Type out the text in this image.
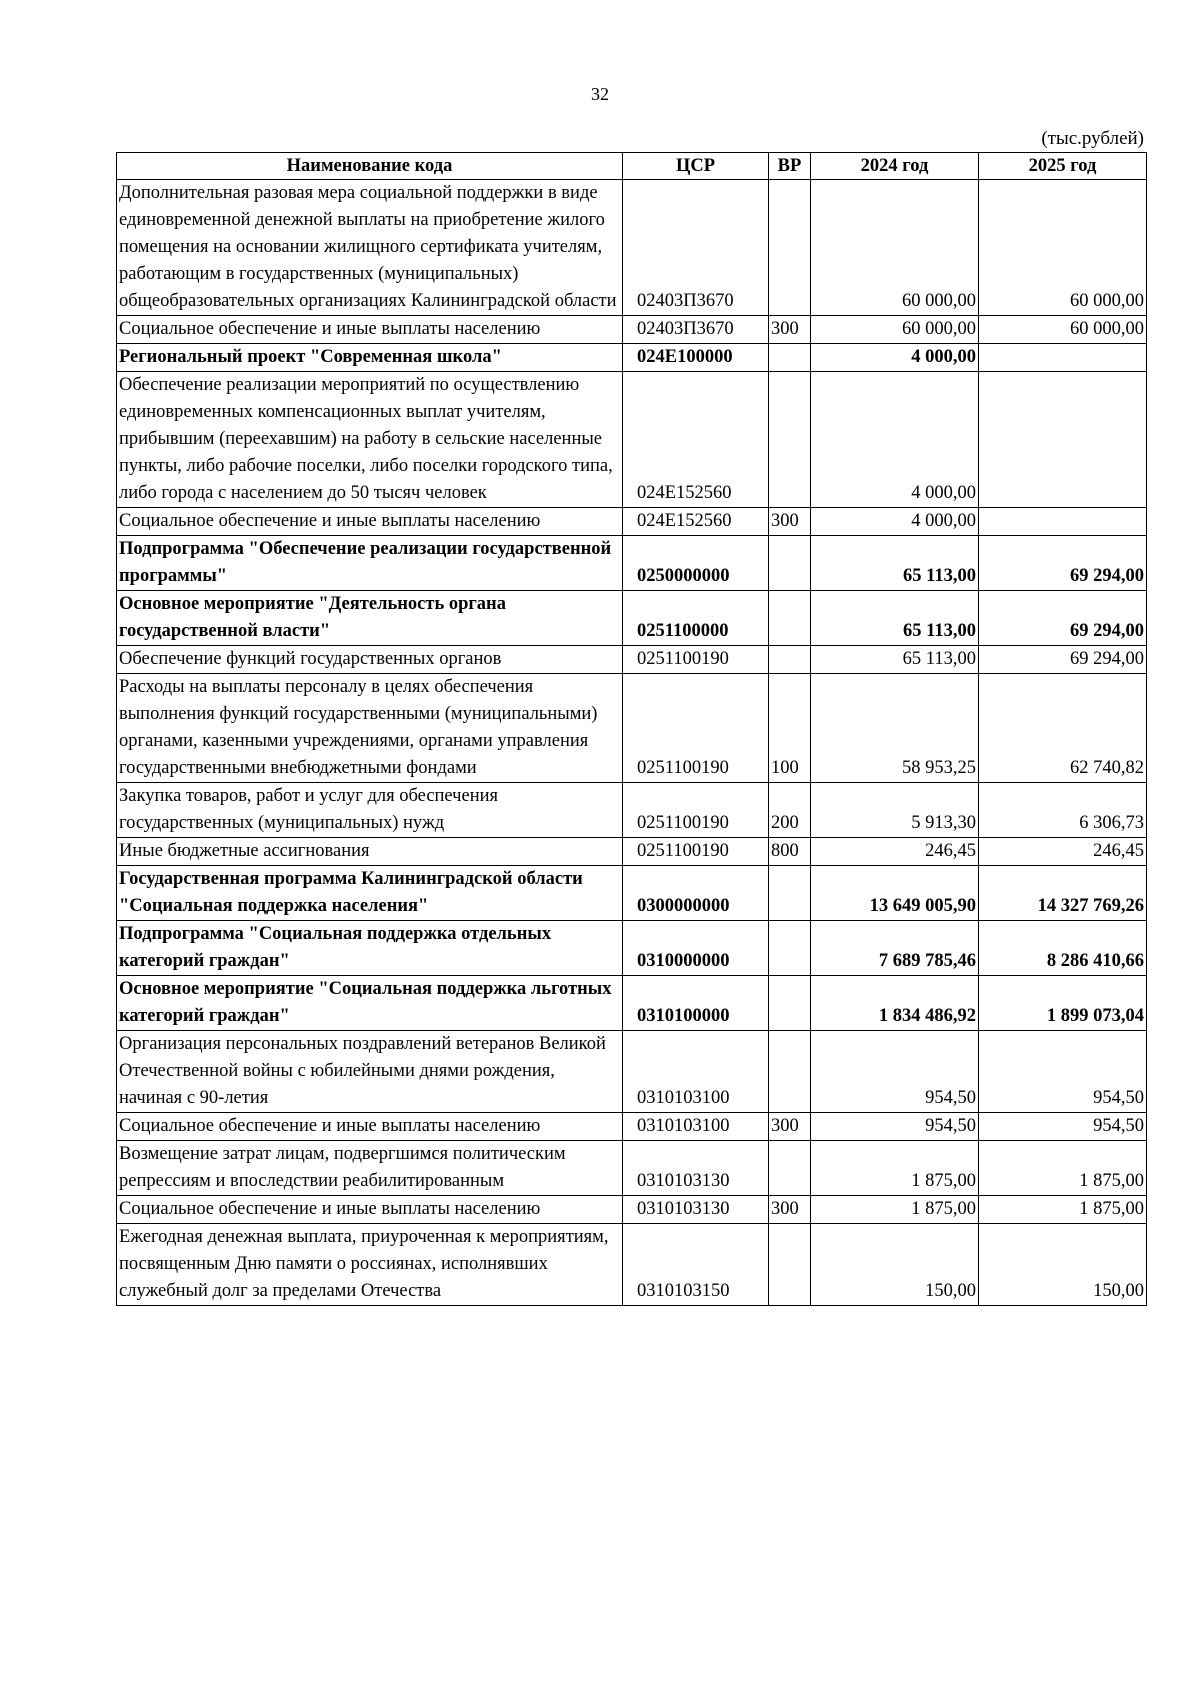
32
(тыс.рублей)
Наименование кода	ЦСР	ВР	2024 год	2025 год
Дополнительная разовая мера социальной поддержки в виде единовременной денежной выплаты на приобретение жилого помещения на основании жилищного сертификата учителям, работающим в государственных (муниципальных) общеобразовательных организациях Калининградской области	02403П3670		60 000,00	60 000,00
Социальное обеспечение и иные выплаты населению	02403П3670	300	60 000,00	60 000,00
Региональный проект "Современная школа"	024Е100000		4 000,00	
Обеспечение реализации мероприятий по осуществлению единовременных компенсационных выплат учителям, прибывшим (переехавшим) на работу в сельские населенные пункты, либо рабочие поселки, либо поселки городского типа, либо города с населением до 50 тысяч человек	024Е152560		4 000,00	
Социальное обеспечение и иные выплаты населению	024Е152560	300	4 000,00	
Подпрограмма "Обеспечение реализации государственной программы"	0250000000		65 113,00	69 294,00
Основное мероприятие "Деятельность органа государственной власти"	0251100000		65 113,00	69 294,00
Обеспечение функций государственных органов	0251100190		65 113,00	69 294,00
Расходы на выплаты персоналу в целях обеспечения выполнения функций государственными (муниципальными) органами, казенными учреждениями, органами управления государственными внебюджетными фондами	0251100190	100	58 953,25	62 740,82
Закупка товаров, работ и услуг для обеспечения государственных (муниципальных) нужд	0251100190	200	5 913,30	6 306,73
Иные бюджетные ассигнования	0251100190	800	246,45	246,45
Государственная программа Калининградской области "Социальная поддержка населения"	0300000000		13 649 005,90	14 327 769,26
Подпрограмма "Социальная поддержка отдельных категорий граждан"	0310000000		7 689 785,46	8 286 410,66
Основное мероприятие "Социальная поддержка льготных категорий граждан"	0310100000		1 834 486,92	1 899 073,04
Организация персональных поздравлений ветеранов Великой Отечественной войны с юбилейными днями рождения, начиная с 90-летия	0310103100		954,50	954,50
Социальное обеспечение и иные выплаты населению	0310103100	300	954,50	954,50
Возмещение затрат лицам, подвергшимся политическим репрессиям и впоследствии реабилитированным	0310103130		1 875,00	1 875,00
Социальное обеспечение и иные выплаты населению	0310103130	300	1 875,00	1 875,00
Ежегодная денежная выплата, приуроченная к мероприятиям, посвященным Дню памяти о россиянах, исполнявших служебный долг за пределами Отечества	0310103150		150,00	150,00
